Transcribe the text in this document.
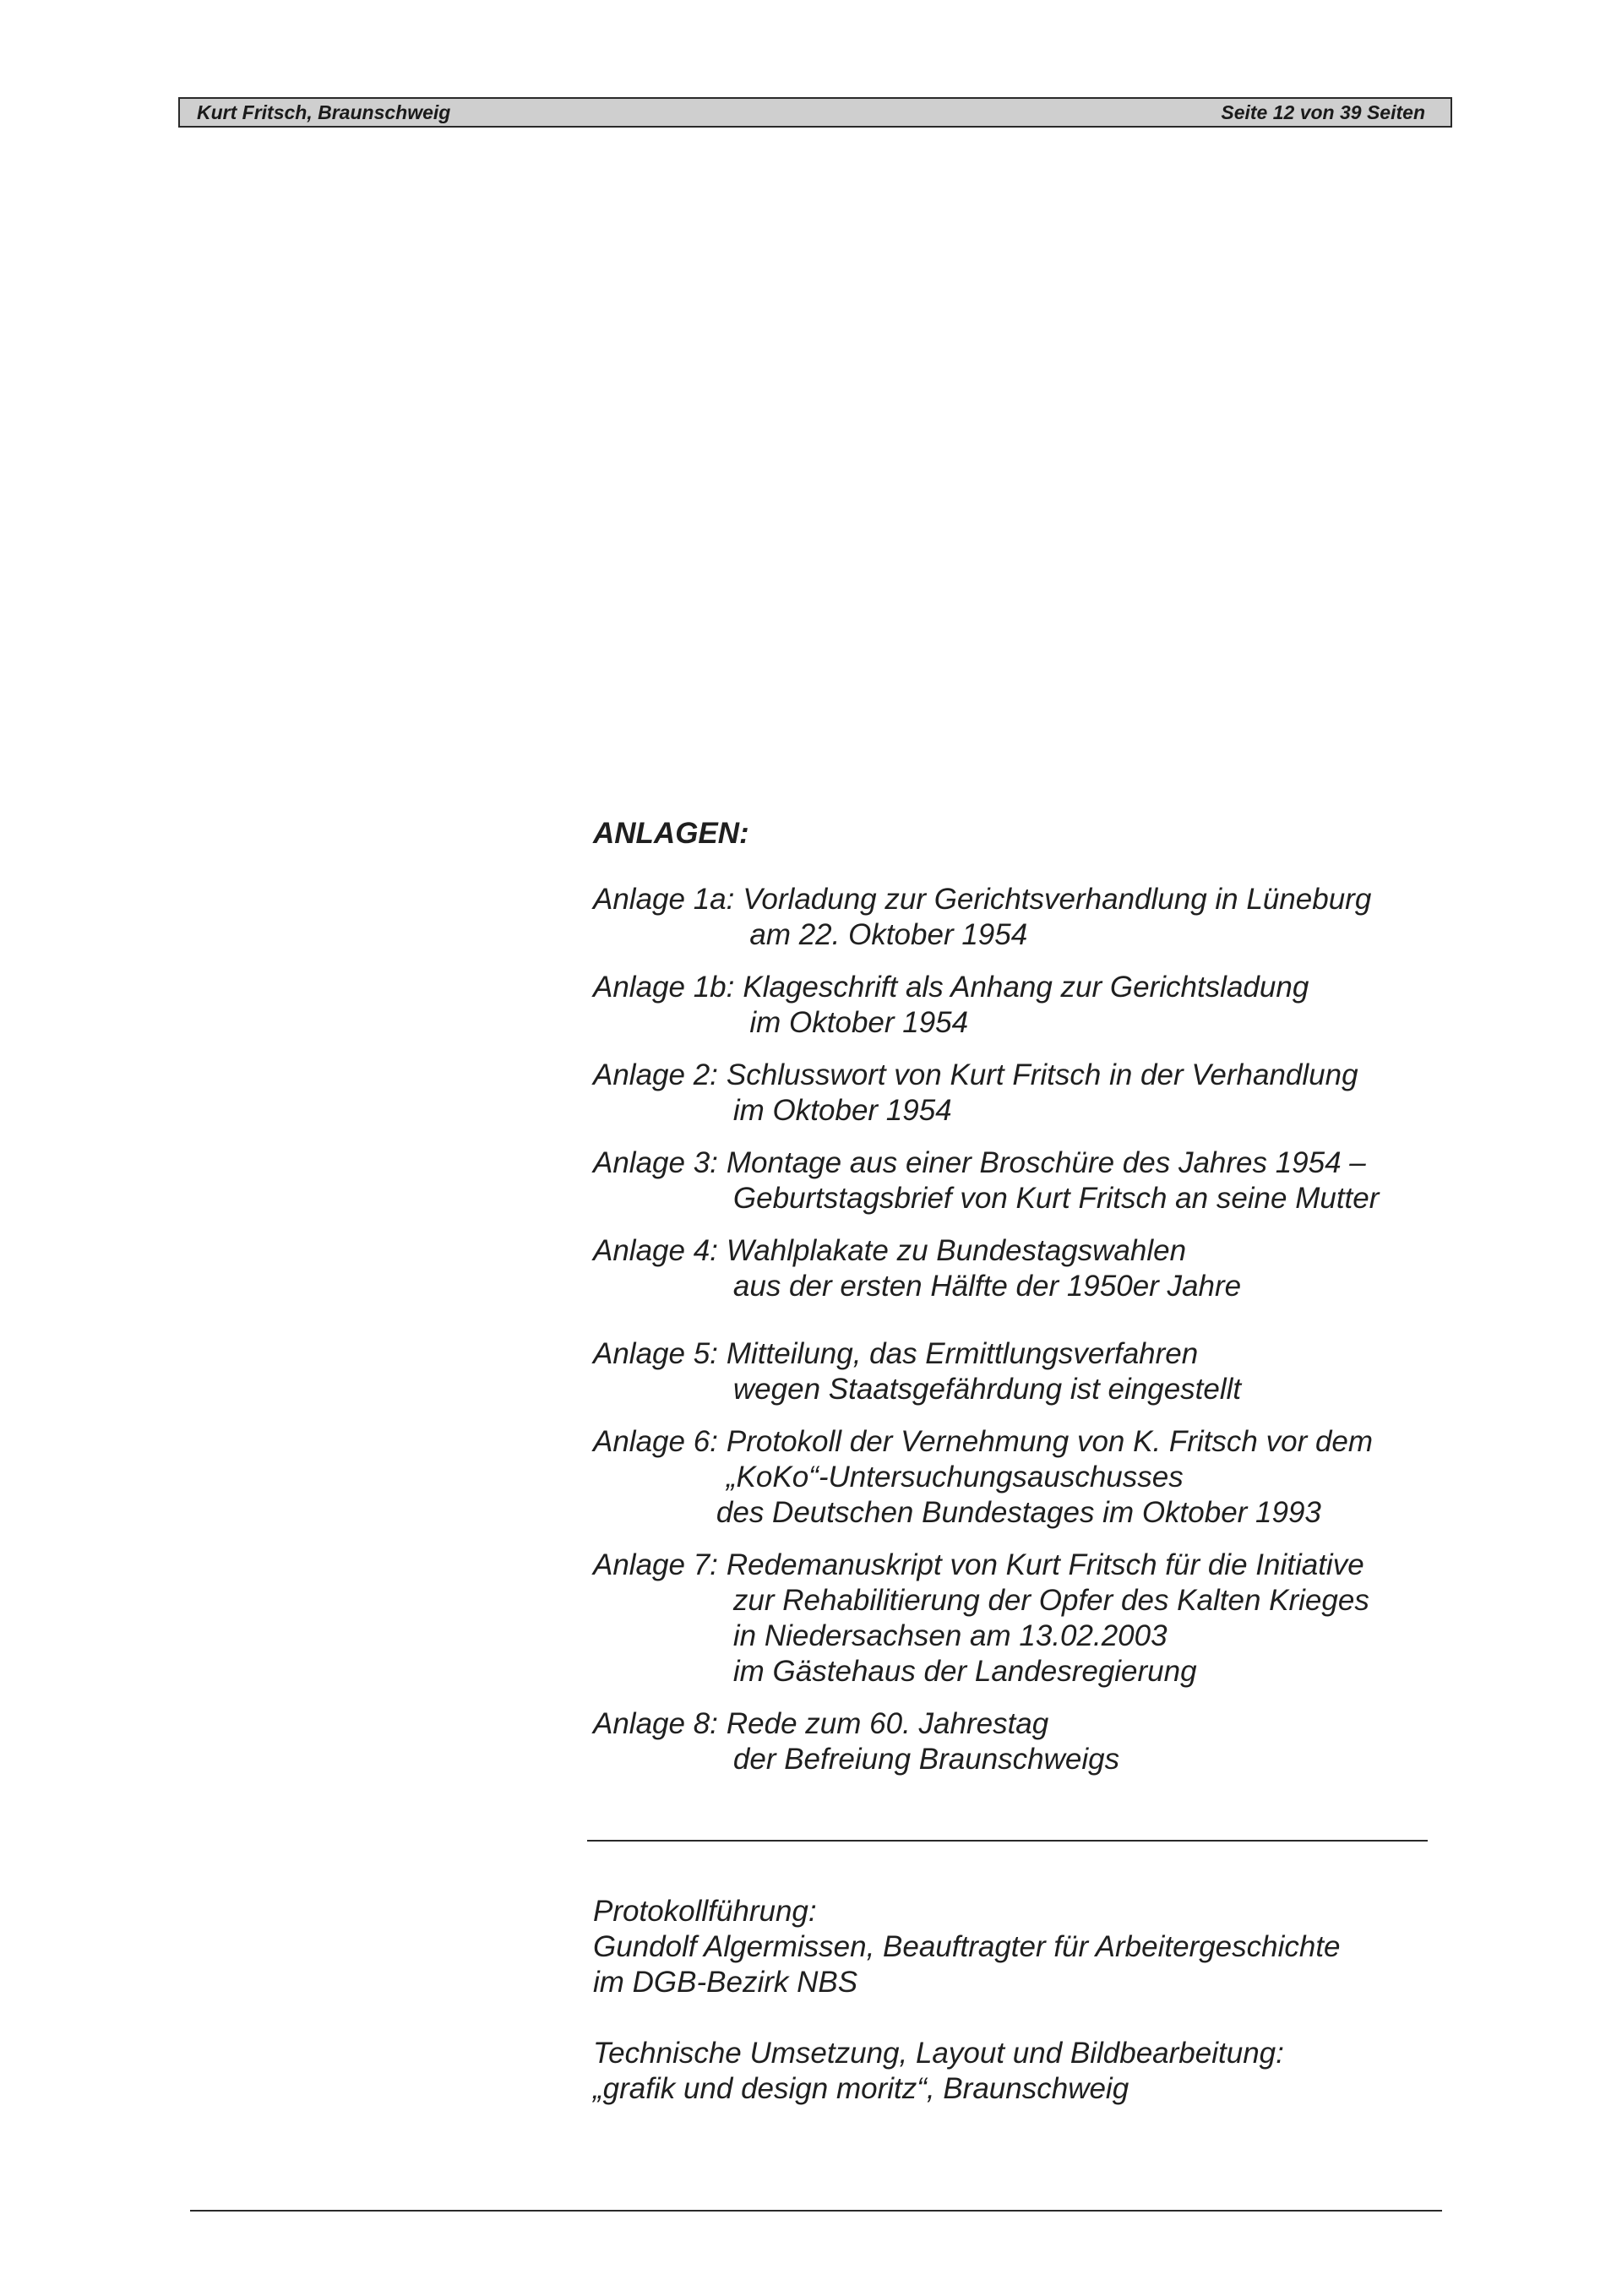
Kurt Fritsch, Braunschweig	Seite 12 von 39 Seiten
ANLAGEN:
Anlage 1a: Vorladung zur Gerichtsverhandlung in Lüneburg
am 22. Oktober 1954
Anlage 1b: Klageschrift als Anhang zur Gerichtsladung
im Oktober 1954
Anlage 2: Schlusswort von Kurt Fritsch in der Verhandlung
im Oktober 1954
Anlage 3: Montage aus einer Broschüre des Jahres 1954 –
Geburtstagsbrief von Kurt Fritsch an seine Mutter
Anlage 4: Wahlplakate zu Bundestagswahlen
aus der ersten Hälfte der 1950er Jahre
Anlage 5: Mitteilung, das Ermittlungsverfahren
wegen Staatsgefährdung ist eingestellt
Anlage 6: Protokoll der Vernehmung von K. Fritsch vor dem
„KoKo“-Untersuchungsauschusses
des Deutschen Bundestages im Oktober 1993
Anlage 7: Redemanuskript von Kurt Fritsch für die Initiative
zur Rehabilitierung der Opfer des Kalten Krieges
in Niedersachsen am 13.02.2003
im Gästehaus der Landesregierung
Anlage 8: Rede zum 60. Jahrestag
der Befreiung Braunschweigs

Protokollführung:

Gundolf Algermissen, Beauftragter für Arbeitergeschichte

im DGB-Bezirk NBS

Technische Umsetzung, Layout und Bildbearbeitung:

„grafik und design moritz“, Braunschweig
